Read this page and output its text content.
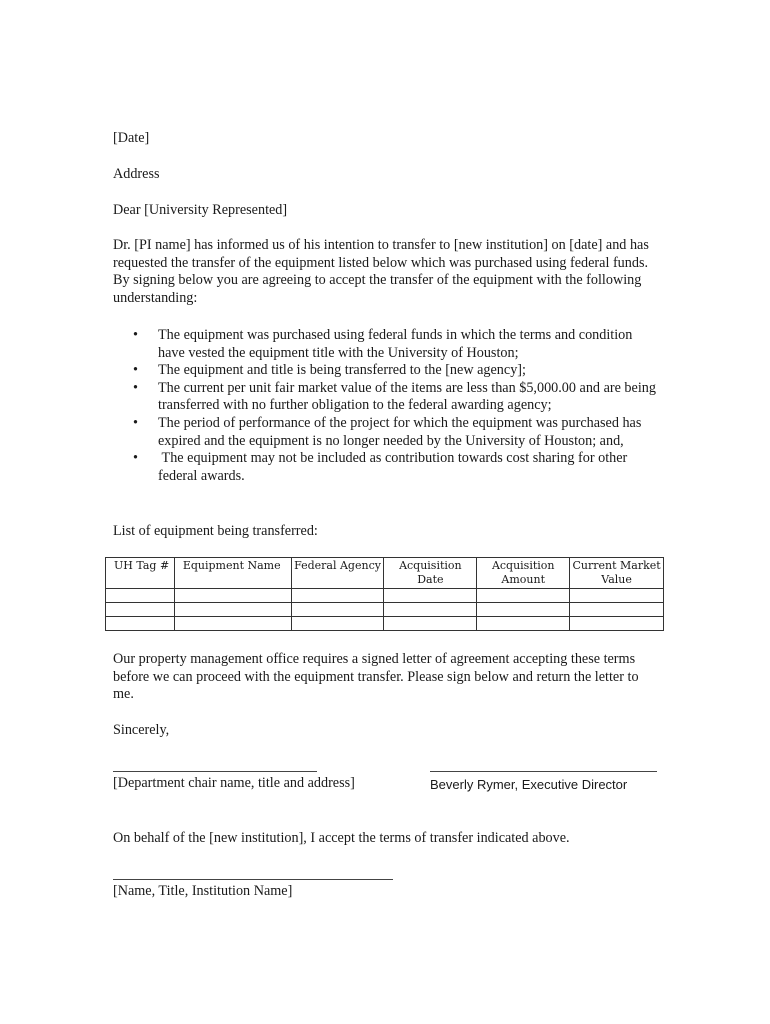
[Date]

Address

Dear [University Represented]

Dr. [PI name] has informed us of his intention to transfer to [new institution] on [date] and has requested the transfer of the equipment listed below which was purchased using federal funds. By signing below you are agreeing to accept the transfer of the equipment with the following understanding:

• The equipment was purchased using federal funds in which the terms and condition have vested the equipment title with the University of Houston;
• The equipment and title is being transferred to the [new agency];
• The current per unit fair market value of the items are less than $5,000.00 and are being transferred with no further obligation to the federal awarding agency;
• The period of performance of the project for which the equipment was purchased has expired and the equipment is no longer needed by the University of Houston; and,
• The equipment may not be included as contribution towards cost sharing for other federal awards.

List of equipment being transferred:

UH Tag #	Equipment Name	Federal Agency	Acquisition Date	Acquisition Amount	Current Market Value

Our property management office requires a signed letter of agreement accepting these terms before we can proceed with the equipment transfer. Please sign below and return the letter to me.

Sincerely,

[Department chair name, title and address]	Beverly Rymer, Executive Director

On behalf of the [new institution], I accept the terms of transfer indicated above.

[Name, Title, Institution Name]
